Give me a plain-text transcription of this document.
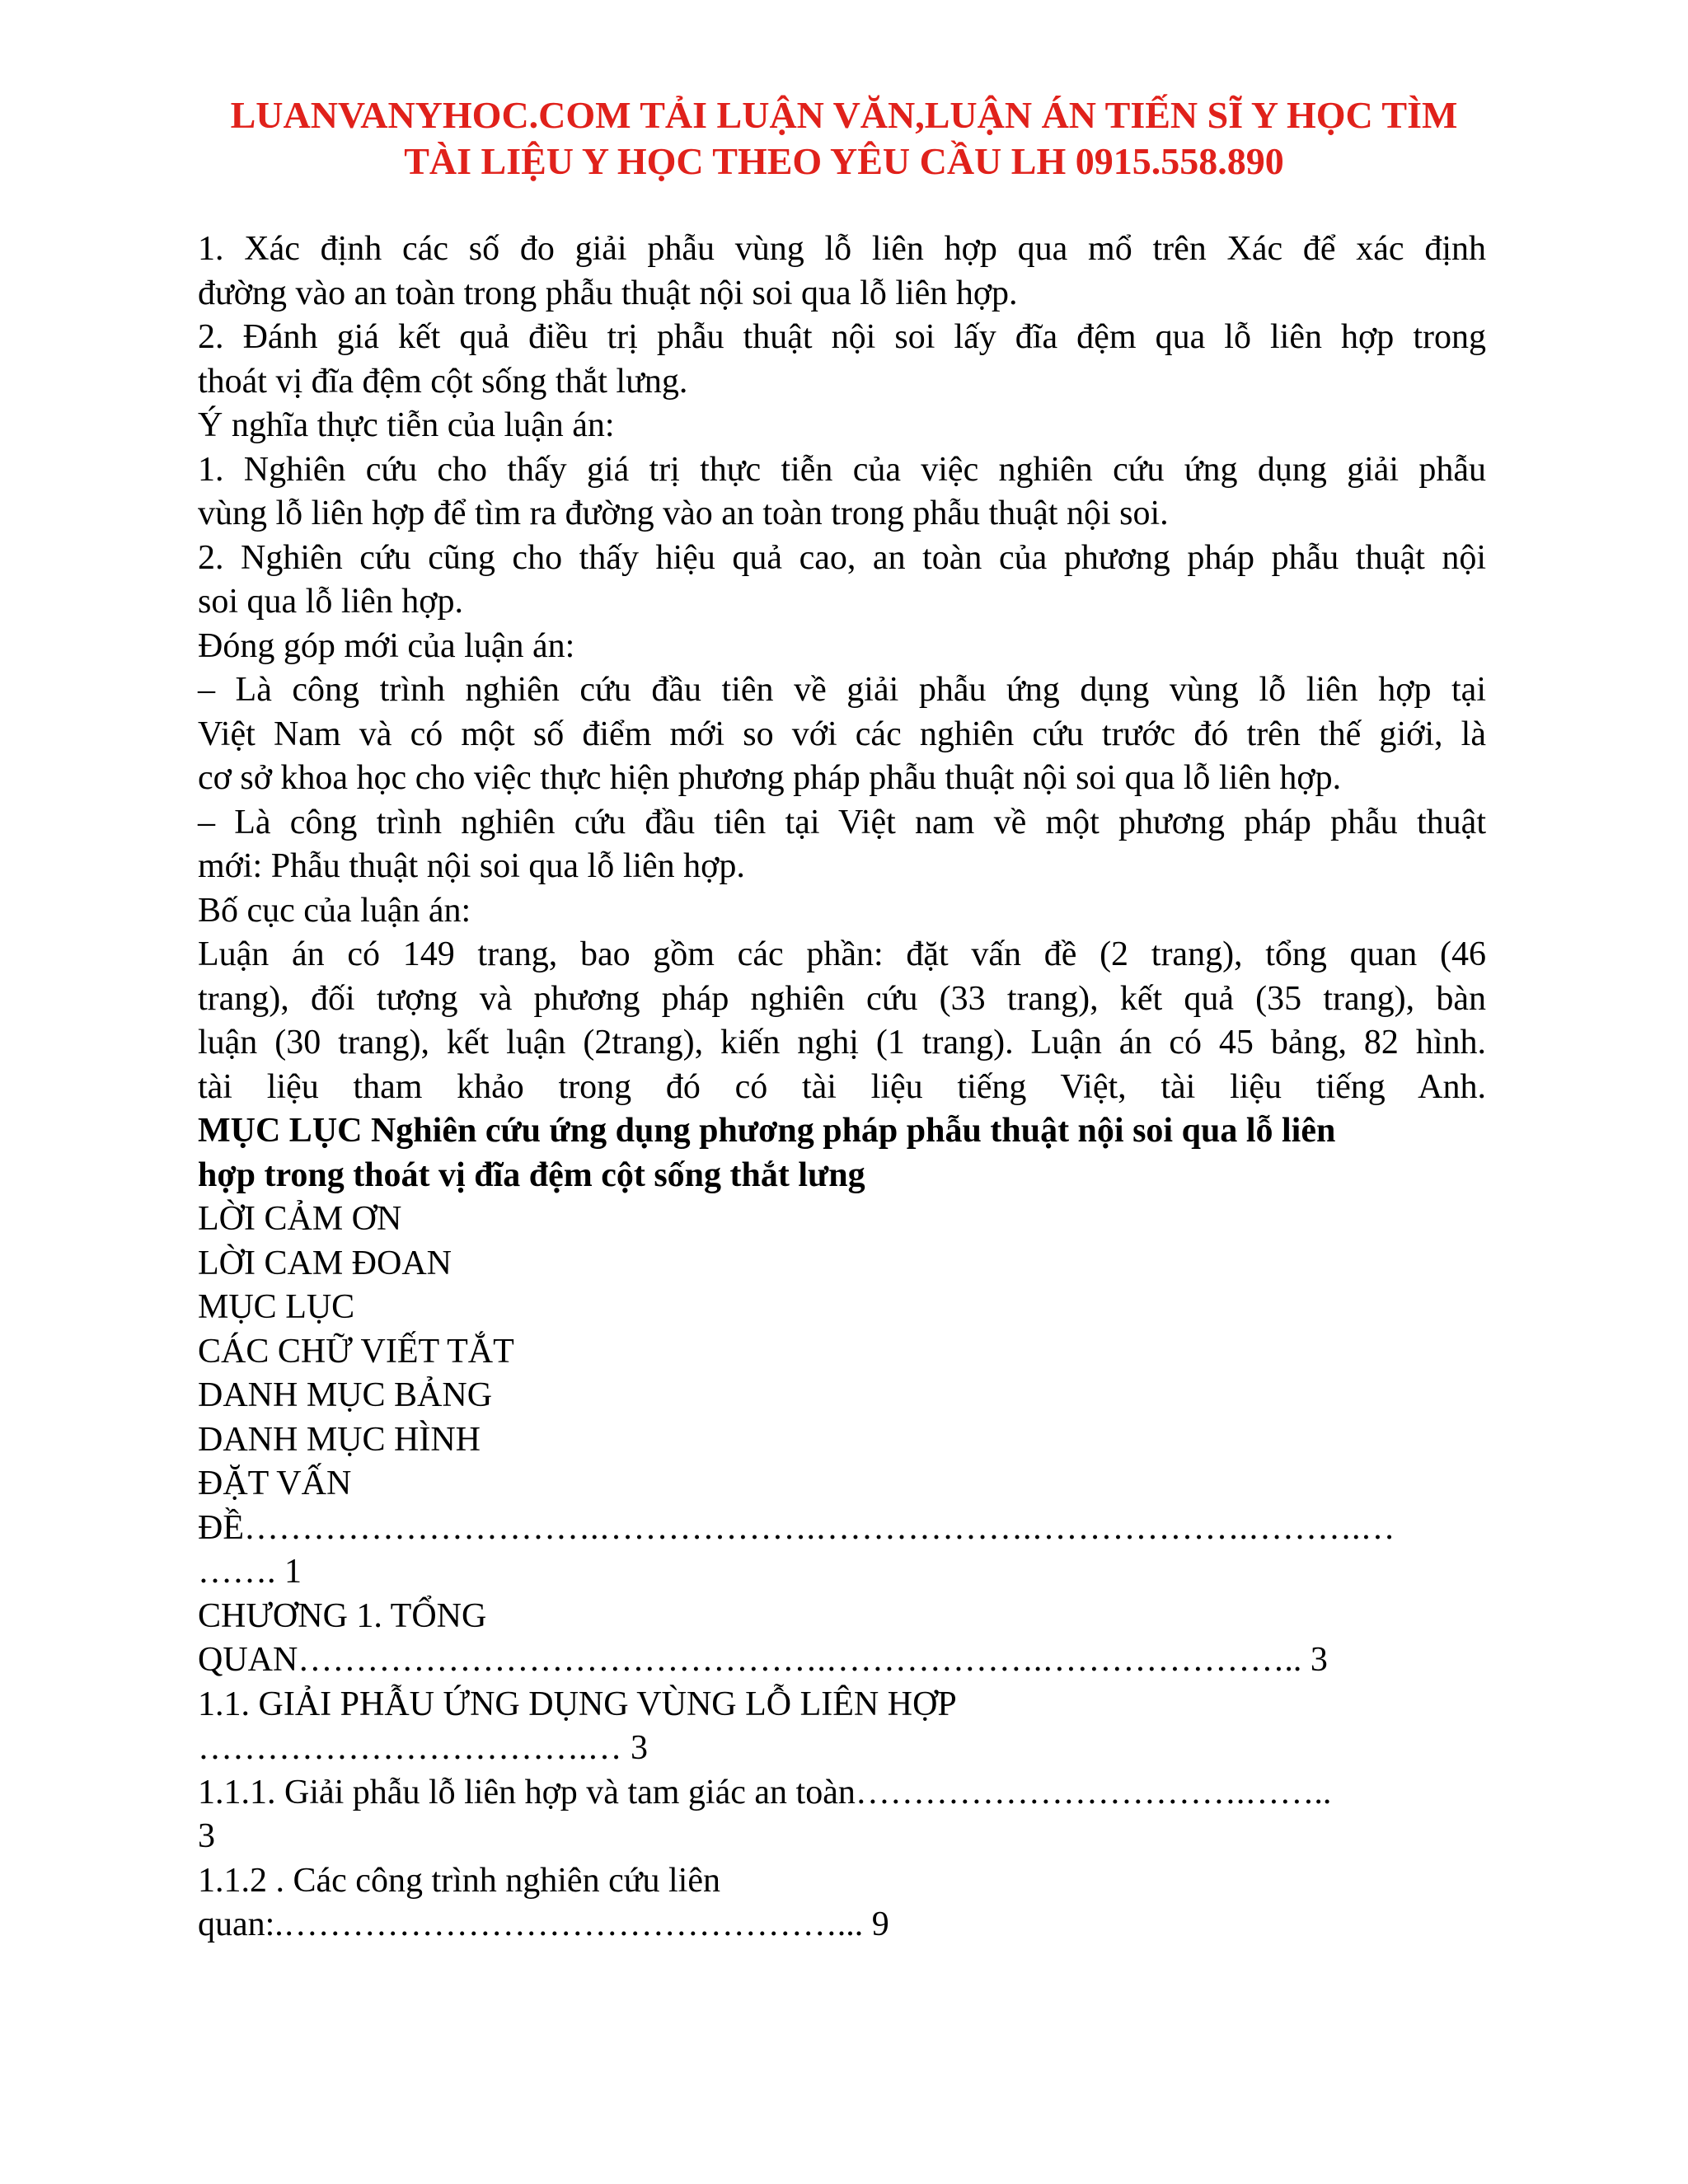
LUANVANYHOC.COM TẢI LUẬN VĂN,LUẬN ÁN TIẾN SĨ Y HỌC TÌM
TÀI LIỆU Y HỌC THEO YÊU CẦU LH 0915.558.890
1. Xác định các số đo giải phẫu vùng lỗ liên hợp qua mổ trên Xác để xác định
đường vào an toàn trong phẫu thuật nội soi qua lỗ liên hợp.
2. Đánh giá kết quả điều trị phẫu thuật nội soi lấy đĩa đệm qua lỗ liên hợp trong
thoát vị đĩa đệm cột sống thắt lưng.
Ý nghĩa thực tiễn của luận án:
1. Nghiên cứu cho thấy giá trị thực tiễn của việc nghiên cứu ứng dụng giải phẫu
vùng lỗ liên hợp để tìm ra đường vào an toàn trong phẫu thuật nội soi.
2. Nghiên cứu cũng cho thấy hiệu quả cao, an toàn của phương pháp phẫu thuật nội
soi qua lỗ liên hợp.
Đóng góp mới của luận án:
– Là công trình nghiên cứu đầu tiên về giải phẫu ứng dụng vùng lỗ liên hợp tại
Việt Nam và có một số điểm mới so với các nghiên cứu trước đó trên thế giới, là
cơ sở khoa học cho việc thực hiện phương pháp phẫu thuật nội soi qua lỗ liên hợp.
– Là công trình nghiên cứu đầu tiên tại Việt nam về một phương pháp phẫu thuật
mới: Phẫu thuật nội soi qua lỗ liên hợp.
Bố cục của luận án:
Luận án có 149 trang, bao gồm các phần: đặt vấn đề (2 trang), tổng quan (46
trang), đối tượng và phương pháp nghiên cứu (33 trang), kết quả (35 trang), bàn
luận (30 trang), kết luận (2trang), kiến nghị (1 trang). Luận án có 45 bảng, 82 hình.
tài liệu tham khảo trong đó có tài liệu tiếng Việt, tài liệu tiếng Anh.
MỤC LỤC Nghiên cứu ứng dụng phương pháp phẫu thuật nội soi qua lỗ liên
hợp trong thoát vị đĩa đệm cột sống thắt lưng
LỜI CẢM ƠN
LỜI CAM ĐOAN
MỤC LỤC
CÁC CHỮ VIẾT TẮT
DANH MỤC BẢNG
DANH MỤC HÌNH
ĐẶT VẤN
ĐỀ………………………….……………….……………….……………….……….…
……. 1
CHƯƠNG 1. TỔNG
QUAN……………………………………….……………….………………….. 3
1.1. GIẢI PHẪU ỨNG DỤNG VÙNG LỖ LIÊN HỢP
…………………………….… 3
1.1.1. Giải phẫu lỗ liên hợp và tam giác an toàn…………………………….……..
3
1.1.2 . Các công trình nghiên cứu liên
quan:.…………………………………………... 9
